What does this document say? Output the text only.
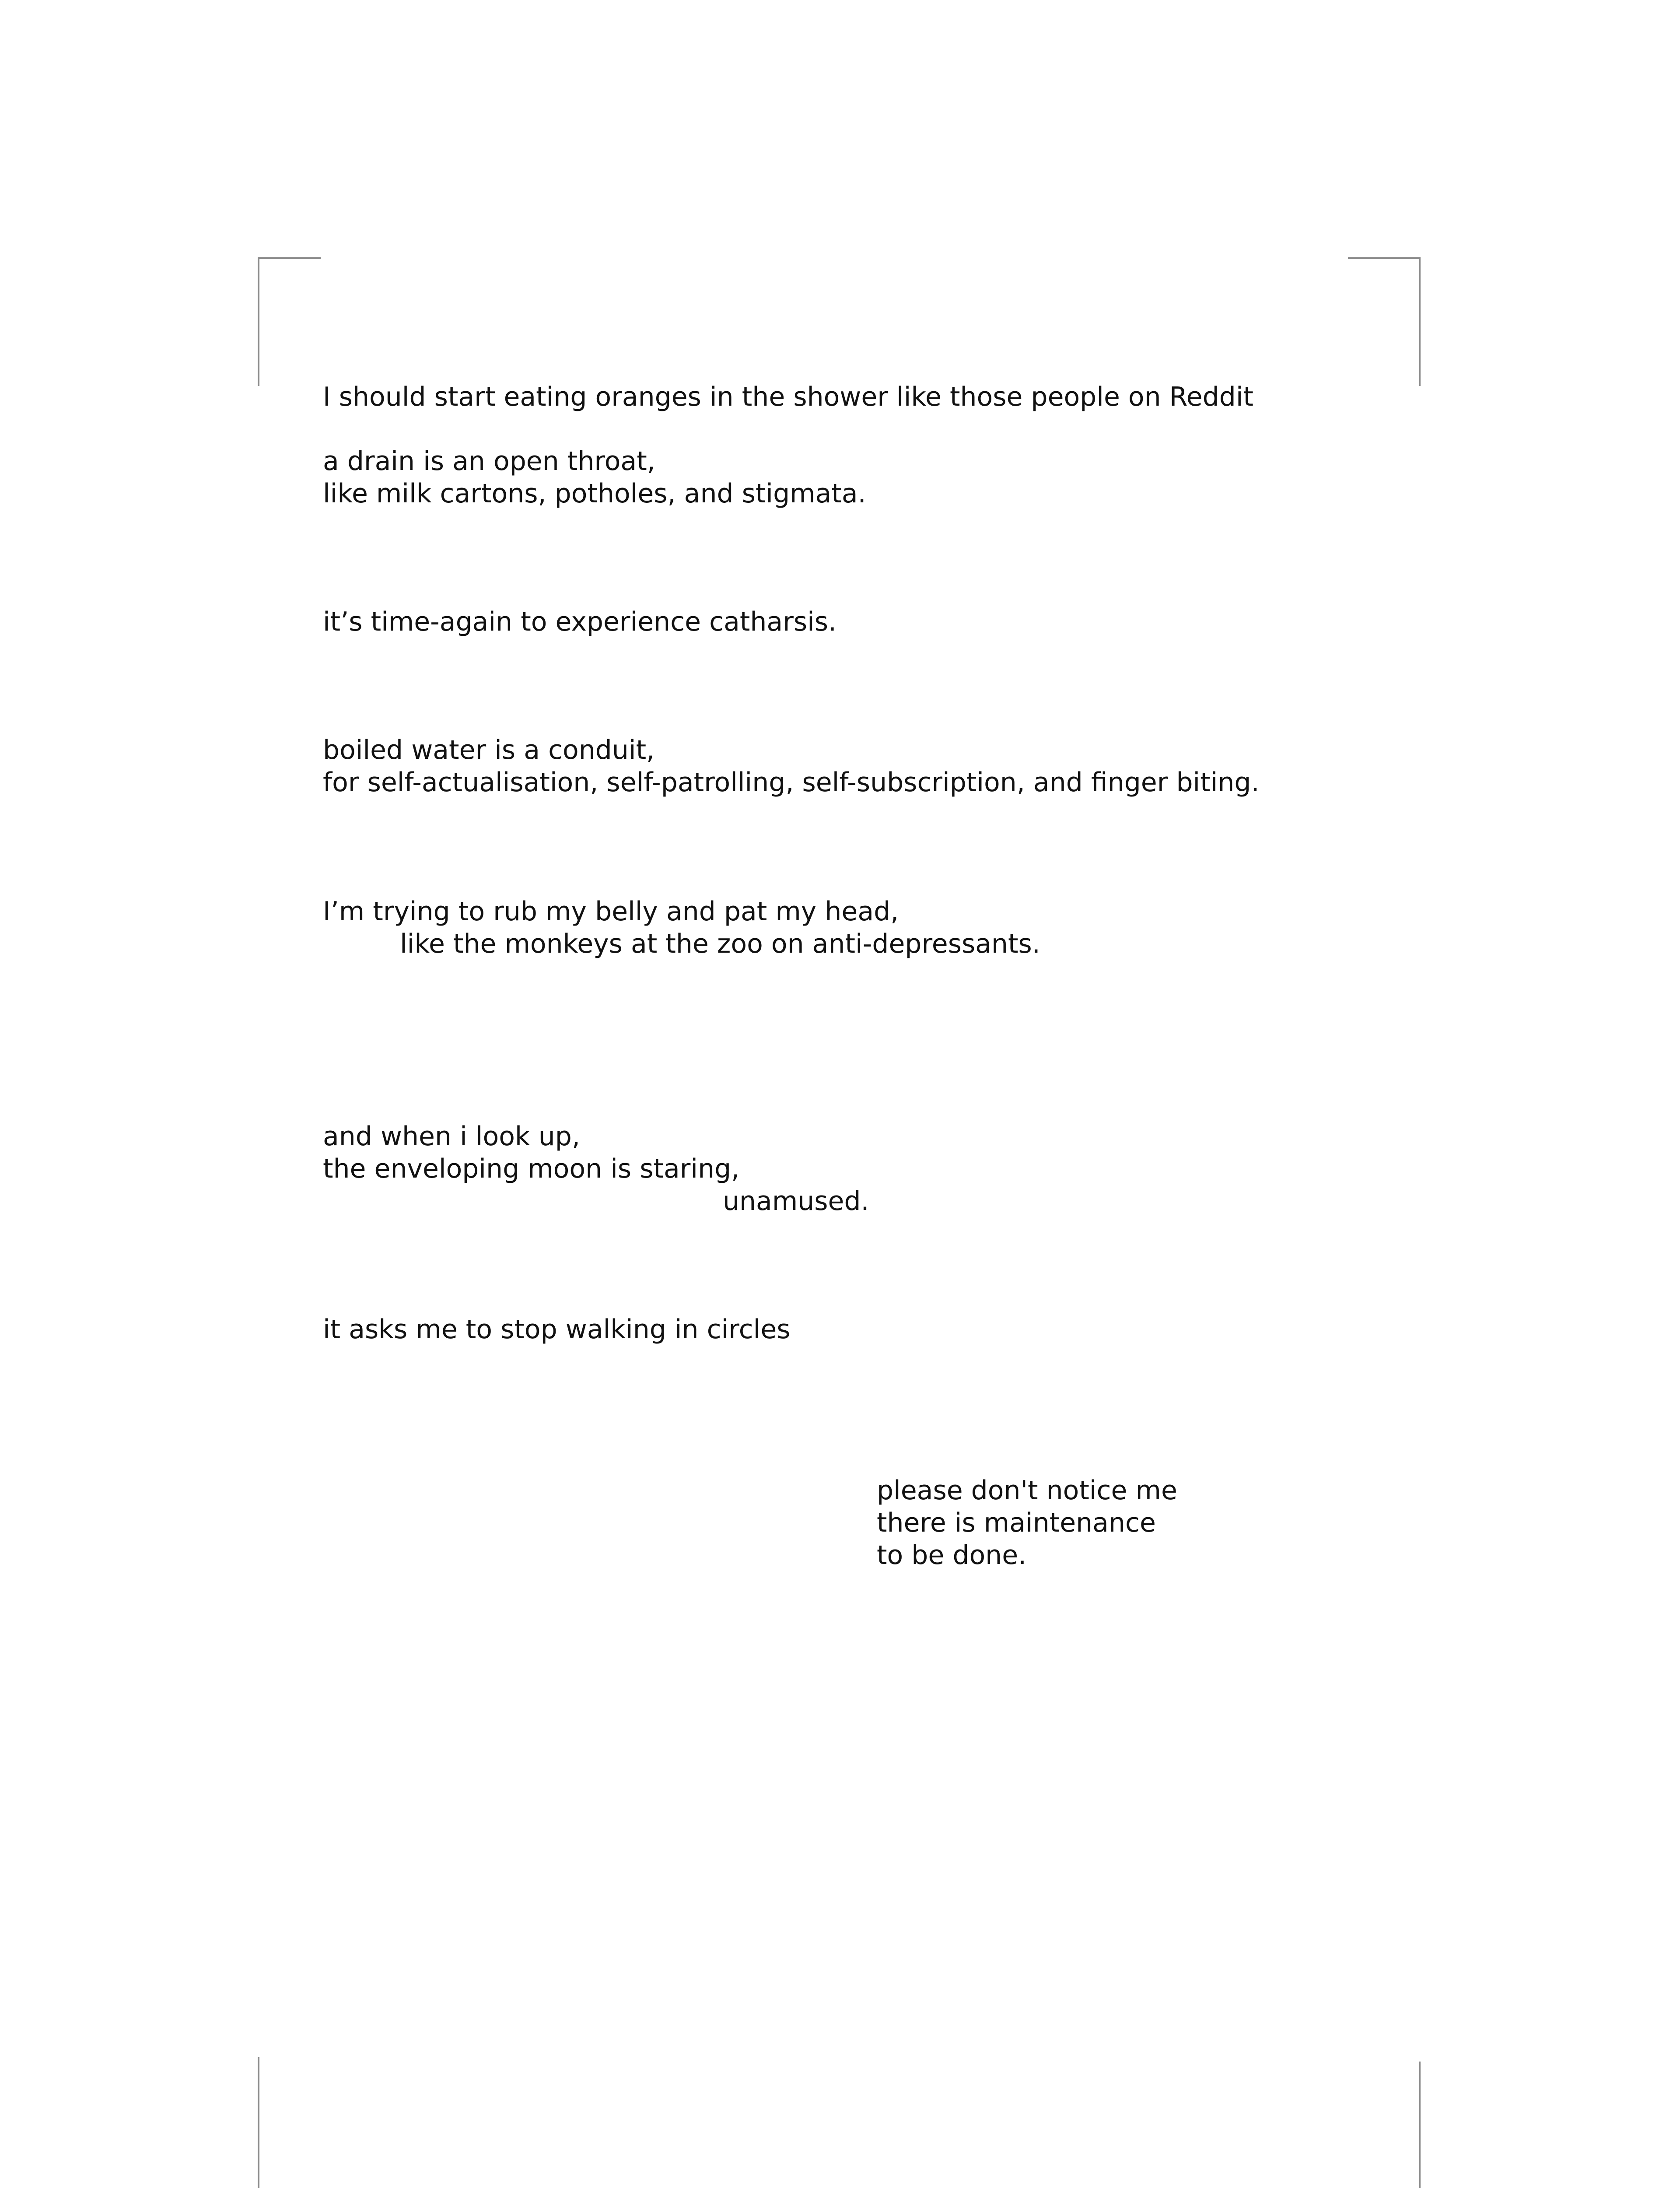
I should start eating oranges in the shower like those people on Reddit

a drain is an open throat,

like milk cartons, potholes, and stigmata.

it’s time-again to experience catharsis.

boiled water is a conduit,

for self-actualisation, self-patrolling, self-subscription, and finger biting.

I’m trying to rub my belly and pat my head,

like the monkeys at the zoo on anti-depressants.

and when i look up,

the enveloping moon is staring,

unamused.

it asks me to stop walking in circles

please don't notice me

there is maintenance

to be done.
